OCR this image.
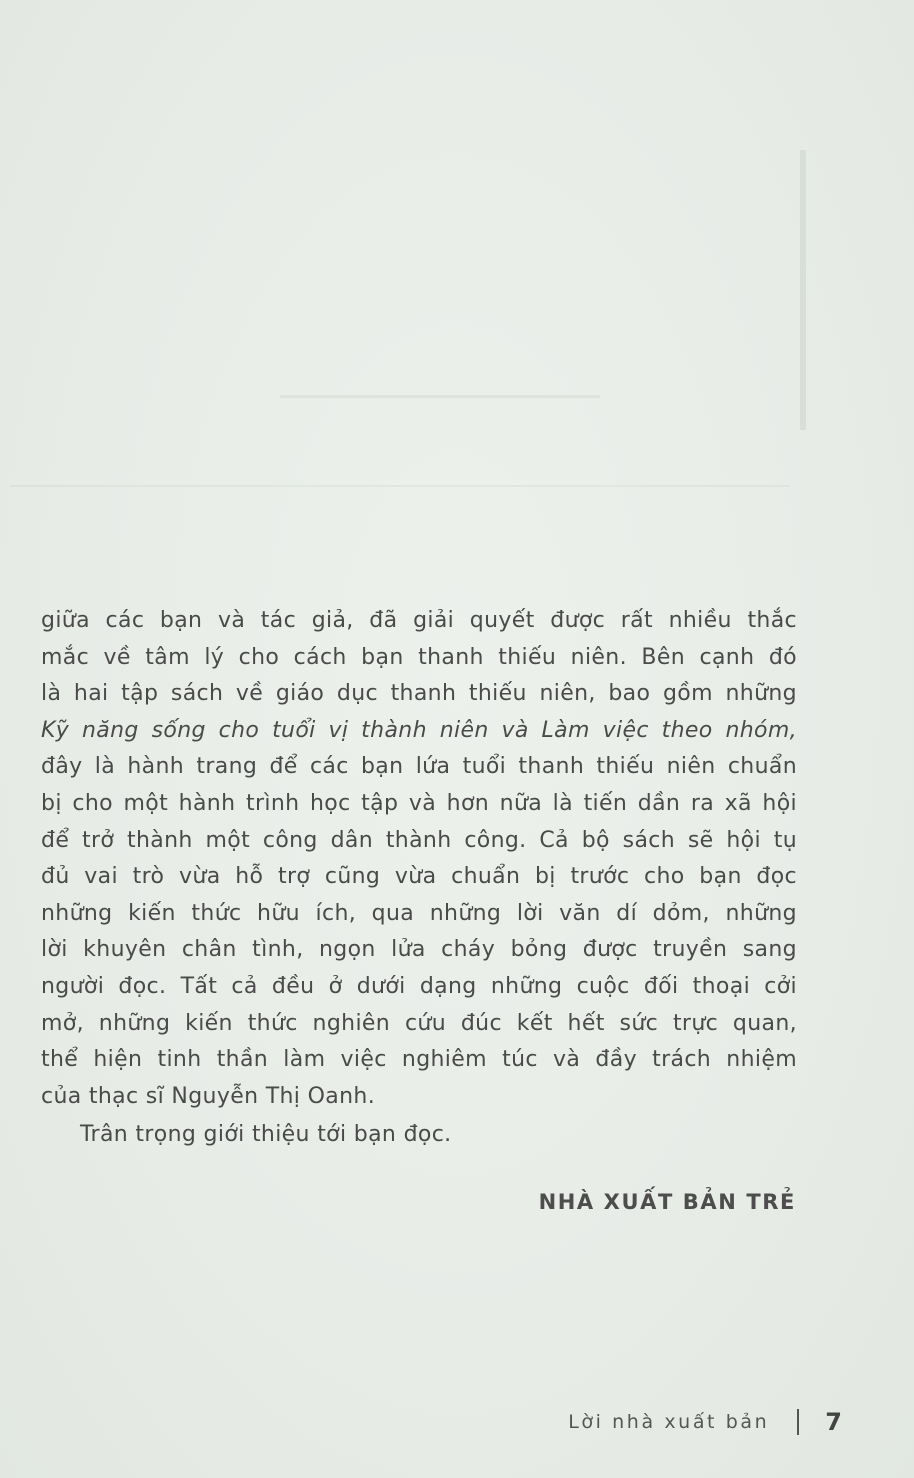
giữa các bạn và tác giả, đã giải quyết được rất nhiều thắc
mắc về tâm lý cho cách bạn thanh thiếu niên. Bên cạnh đó
là hai tập sách về giáo dục thanh thiếu niên, bao gồm những
Kỹ năng sống cho tuổi vị thành niên và Làm việc theo nhóm,
đây là hành trang để các bạn lứa tuổi thanh thiếu niên chuẩn
bị cho một hành trình học tập và hơn nữa là tiến dần ra xã hội
để trở thành một công dân thành công. Cả bộ sách sẽ hội tụ
đủ vai trò vừa hỗ trợ cũng vừa chuẩn bị trước cho bạn đọc
những kiến thức hữu ích, qua những lời văn dí dỏm, những
lời khuyên chân tình, ngọn lửa cháy bỏng được truyền sang
người đọc. Tất cả đều ở dưới dạng những cuộc đối thoại cởi
mở, những kiến thức nghiên cứu đúc kết hết sức trực quan,
thể hiện tinh thần làm việc nghiêm túc và đầy trách nhiệm
của thạc sĩ Nguyễn Thị Oanh.
Trân trọng giới thiệu tới bạn đọc.
NHÀ XUẤT BẢN TRẺ
Lời nhà xuất bản 7
